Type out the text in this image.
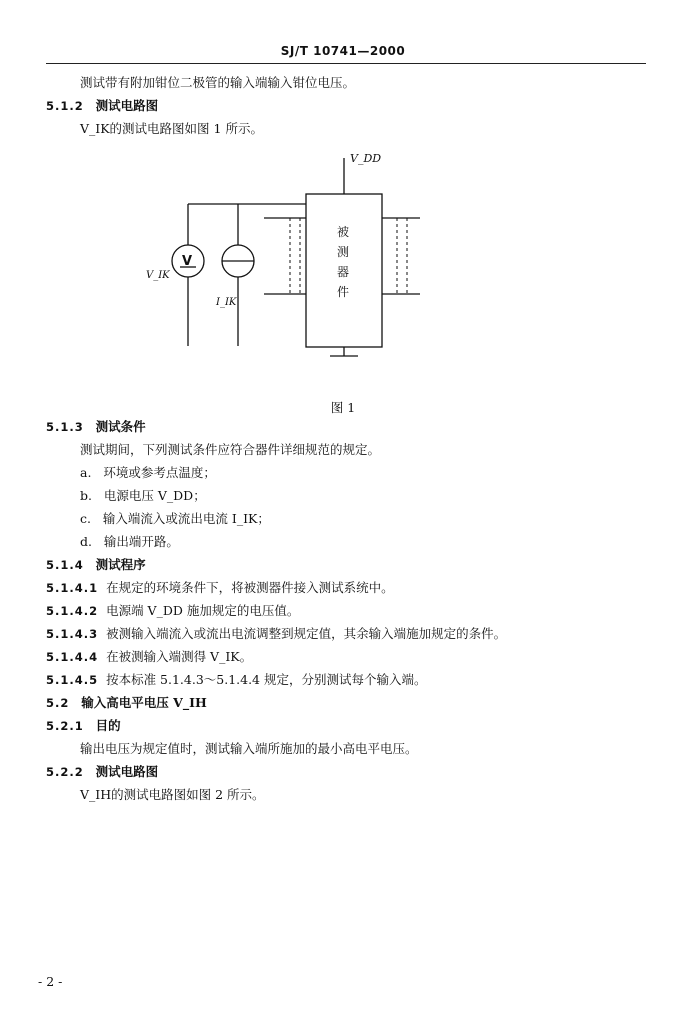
SJ/T 10741—2000
测试带有附加钳位二极管的输入端输入钳位电压。
5.1.2 测试电路图
V_IK的测试电路图如图 1 所示。
V
V_DD
V_IK
I_IK
被
测
器
件
图 1
5.1.3 测试条件
测试期间，下列测试条件应符合器件详细规范的规定。
a. 环境或参考点温度；
b. 电源电压 V_DD；
c. 输入端流入或流出电流 I_IK；
d. 输出端开路。
5.1.4 测试程序
5.1.4.1 在规定的环境条件下，将被测器件接入测试系统中。
5.1.4.2 电源端 V_DD 施加规定的电压值。
5.1.4.3 被测输入端流入或流出电流调整到规定值，其余输入端施加规定的条件。
5.1.4.4 在被测输入端测得 V_IK。
5.1.4.5 按本标准 5.1.4.3～5.1.4.4 规定，分别测试每个输入端。
5.2 输入高电平电压 V_IH
5.2.1 目的
输出电压为规定值时，测试输入端所施加的最小高电平电压。
5.2.2 测试电路图
V_IH的测试电路图如图 2 所示。
- 2 -
